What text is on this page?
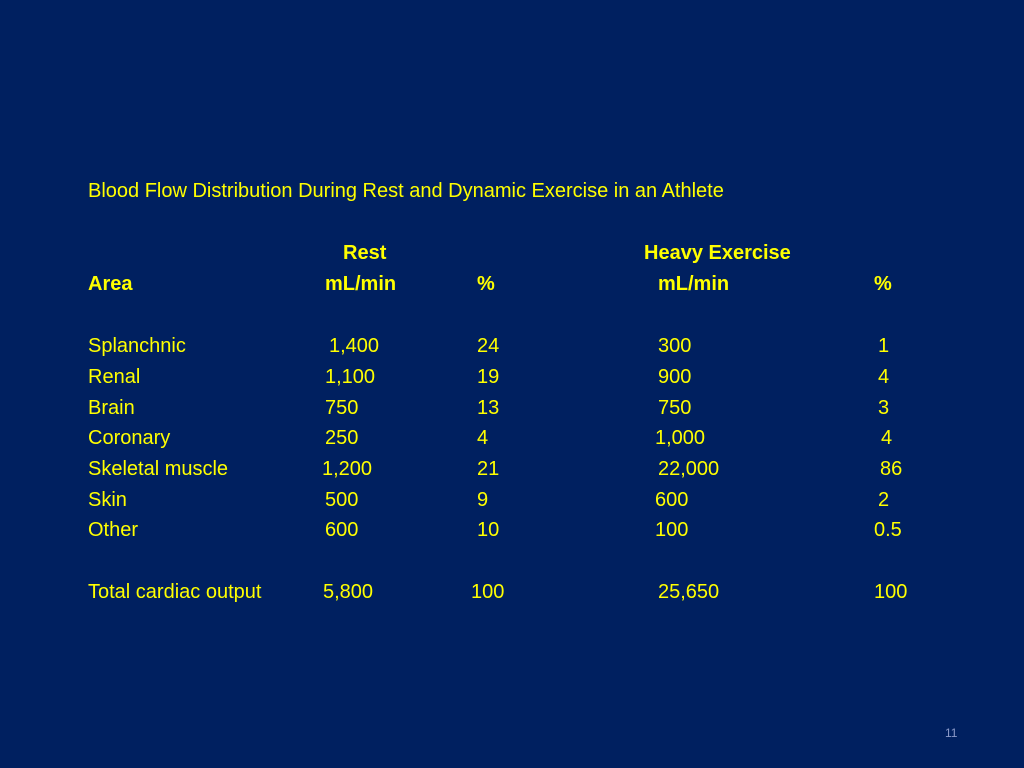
Blood Flow Distribution During Rest and Dynamic Exercise in an Athlete
Rest	Heavy Exercise
Area	mL/min	%	mL/min	%
Splanchnic	1,400	24	300	1
Renal	1,100	19	900	4
Brain	750	13	750	3
Coronary	250	4	1,000	4
Skeletal muscle	1,200	21	22,000	86
Skin	500	9	600	2
Other	600	10	100	0.5
Total cardiac output	5,800	100	25,650	100
11
